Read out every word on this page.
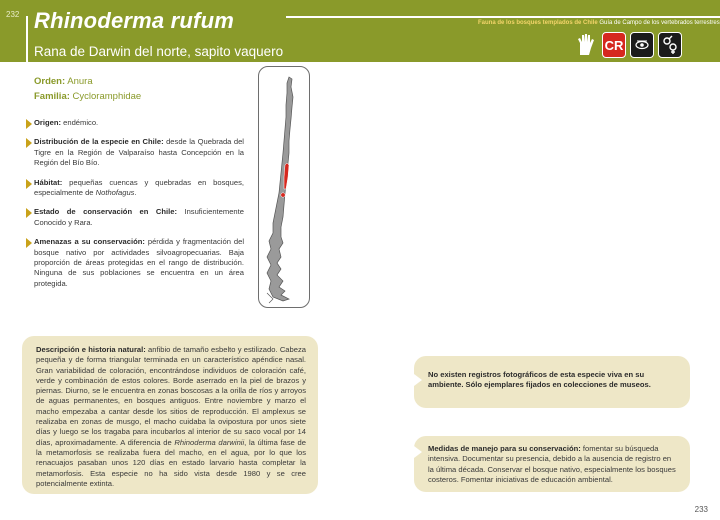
232 Rhinoderma rufum
Rana de Darwin del norte, sapito vaquero
Fauna de los bosques templados de Chile Guía de Campo de los vertebrados terrestres
CR
Orden: Anura
Familia: Cycloramphidae
Origen: endémico.
Distribución de la especie en Chile: desde la Quebrada del Tigre en la Región de Valparaíso hasta Concepción en la Región del Bío Bío.
Hábitat: pequeñas cuencas y quebradas en bosques, especialmente de Nothofagus.
Estado de conservación en Chile: Insuficientemente Conocido y Rara.
Amenazas a su conservación: pérdida y fragmentación del bosque nativo por actividades silvoagropecuarias. Baja proporción de áreas protegidas en el rango de distribución. Ninguna de sus poblaciones se encuentra en un área protegida.
Descripción e historia natural: anfibio de tamaño esbelto y estilizado. Cabeza pequeña y de forma triangular terminada en un característico apéndice nasal. Gran variabilidad de coloración, encontrándose individuos de coloración café, verde y combinación de estos colores. Borde aserrado en la piel de brazos y piernas. Diurno, se le encuentra en zonas boscosas a la orilla de ríos y arroyos de aguas permanentes, en bosques antiguos. Entre noviembre y marzo el macho empezaba a cantar desde los sitios de reproducción. El amplexus se realizaba en zonas de musgo, el macho cuidaba la ovipostura por unos siete días y luego se los tragaba para incubarlos al interior de su saco vocal por 14 días, aproximadamente. A diferencia de Rhinoderma darwinii, la última fase de la metamorfosis se realizaba fuera del macho, en el agua, por lo que los renacuajos pasaban unos 120 días en estado larvario hasta completar la metamorfosis. Esta especie no ha sido vista desde 1980 y se cree potencialmente extinta.
No existen registros fotográficos de esta especie viva en su ambiente. Sólo ejemplares fijados en colecciones de museos.
Medidas de manejo para su conservación: fomentar su búsqueda intensiva. Documentar su presencia, debido a la ausencia de registro en la última década. Conservar el bosque nativo, especialmente los bosques costeros. Fomentar iniciativas de educación ambiental.
233
